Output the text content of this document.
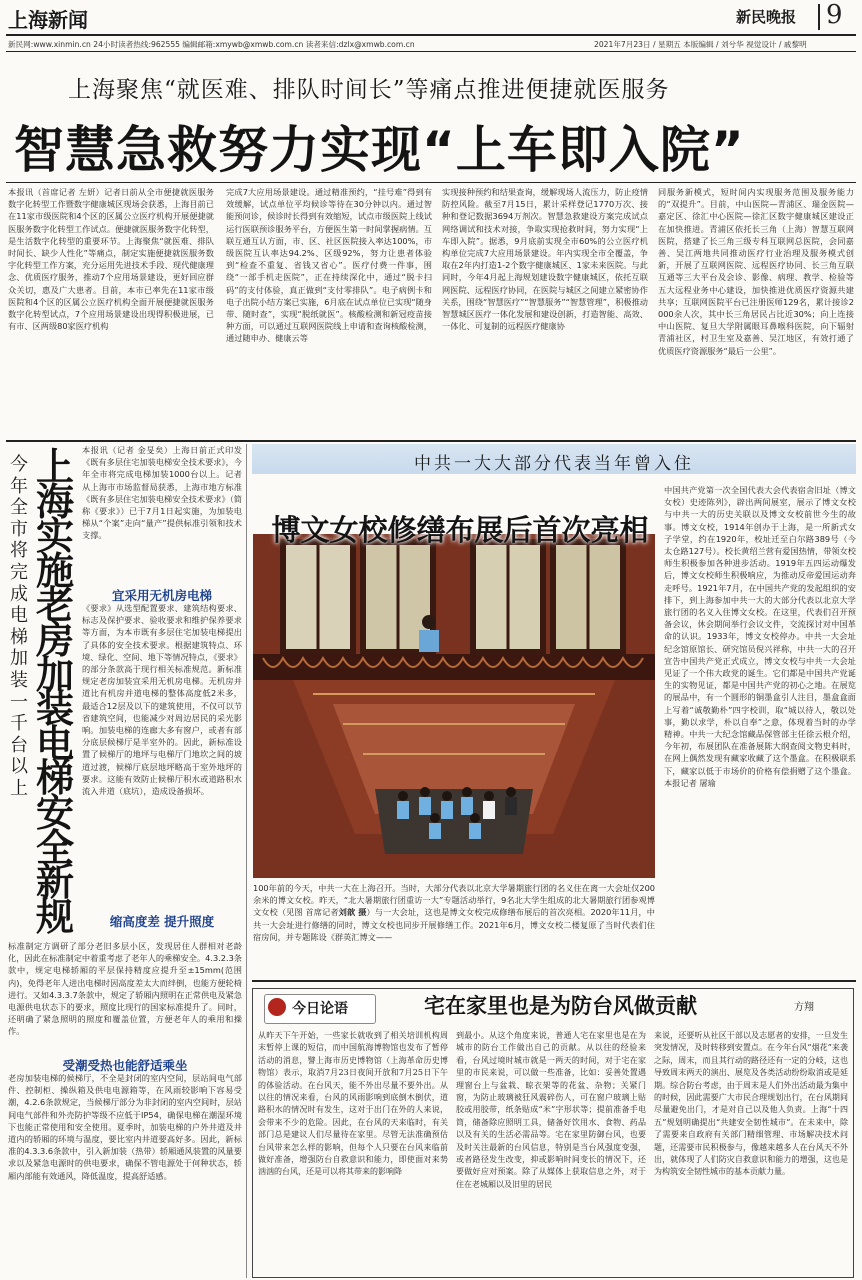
上海新闻	新民晚报 9
新民网:www.xinmin.cn 24小时读者热线:962555 编辑邮箱:xmywb@xmwb.com.cn 读者来信:dzlx@xmwb.com.cn	2021年7月23日 / 星期五 本版编辑 / 刘兮华 视觉设计 / 戚黎明
上海聚焦“就医难、排队时间长”等痛点推进便捷就医服务
智慧急救努力实现“上车即入院”
本报讯（首席记者 左妍）记者日前从全市便捷就医服务数字化转型工作暨数字健康城区现场会获悉，上海目前已在11家市级医院和4个区的区属公立医疗机构开展便捷就医服务数字化转型工作试点。便捷就医服务数字化转型，是生活数字化转型的重要环节。上海聚焦“就医难、排队时间长、缺少人性化”等痛点，制定实施便捷就医服务数字化转型工作方案，充分运用先进技术手段、现代健康理念、优质医疗服务，推动7个应用场景建设，更好回应群众关切，惠及广大患者。目前，本市已率先在11家市级医院和4个区的区属公立医疗机构全面开展便捷就医服务数字化转型试点，7个应用场景建设出现得积极进展，已有市、区两级80家医疗机构
完成7大应用场景建设。通过精准预约，“挂号难”得到有效缓解，试点单位平均候诊等待在30分钟以内。通过智能预问诊，候诊时长得到有效缩短，试点市级医院上线试运行医联预诊服务平台，方便医生第一时间掌握病情。互联互通互认方面，市、区、社区医院接入率达100%，市级医院互认率达94.2%、区级92%，努力让患者体验到“检查不重复、省钱又省心”。医疗付费一件事，围绕“一部手机走医院”，正在持续深化中，通过“脱卡扫码”的支付体验，真正做到“支付零排队”。电子病例卡和电子出院小结方案已实施，6月底在试点单位已实现“随身带、随时查”，实现“脱纸就医”。核酸检测和新冠疫苗接种方面，可以通过互联网医院线上申请和查询核酸检测，通过随申办、健康云等
实现接种预约和结果查询，缓解现场人流压力，防止疫情防控风险。截至7月15日，累计采样登记1770万次、接种和登记数据3694万剂次。智慧急救建设方案完成试点网络调试和技术对接，争取实现抢救时间，努力实现“上车即入院”。据悉，9月底前实现全市60%的公立医疗机构单位完成7大应用场景建设。年内实现全市全覆盖，争取在2年内打造1-2个数字健康城区、1家未来医院。与此同时，今年4月起上海规划建设数字健康城区，依托互联网医院、远程医疗协同，在医院与城区之间建立紧密协作关系，围绕“智慧医疗”“智慧服务”“智慧管理”，积极推动智慧城区医疗一体化发展和建设创新，打造智能、高效、一体化、可复制的远程医疗健康协
同服务新模式，短时间内实现服务范围及服务能力的“双提升”。目前，中山医院—青浦区、瑞金医院—嘉定区、徐汇中心医院—徐汇区数字健康城区建设正在加快推进。青浦区依托长三角（上海）智慧互联网医院，搭建了长三角三级专科互联网总医院，会同嘉善、吴江两地共同推动医疗行业治理及服务模式创新，开展了互联网医院、远程医疗协同、长三角互联互通等三大平台及会诊、影像、病理、教学、检验等五大远程业务中心建设，加快推进优质医疗资源共建共享；互联网医院平台已注册医师129名，累计接诊2000余人次，其中长三角居民占比近30%；向上连接中山医院、复旦大学附属眼耳鼻喉科医院，向下辐射青浦社区，村卫生室及嘉善、吴江地区，有效打通了优质医疗资源服务“最后一公里”。
今年全市将完成电梯加装一千台以上
上海实施老房加装电梯安全新规
本报讯（记者 金旻矣）上海日前正式印发《既有多层住宅加装电梯安全技术要求》，今年全市将完成电梯加装1000台以上。记者从上海市市场监督局获悉，上海市地方标准《既有多层住宅加装电梯安全技术要求》（简称《要求》）已于7月1日起实施，为加装电梯从“个案”走向“量产”提供标准引领和技术支撑。
宜采用无机房电梯
《要求》从选型配置要求、建筑结构要求、标志及保护要求、验收要求和维护保养要求等方面，为本市既有多层住宅加装电梯提出了具体的安全技术要求。根据建筑特点、环境、绿化、空间、地下等情况特点，《要求》的部分条款高于现行相关标准规范。新标准规定老房加装宜采用无机房电梯。无机房并道比有机房并道电梯的整体高度低2米多，最适合12层及以下的建筑使用，不仅可以节省建筑空间，也能减少对周边居民的采光影响。加装电梯的连廊大多有窗户，或者有部分底层候梯厅是半室外的。因此，新标准设置了候梯厅的地坪与电梯厅门地坎之间的坡道过渡，候梯厅底层地坪略高于室外地坪的要求。这能有效防止候梯厅积水或道路积水流入井道（底坑），造成设备损坏。
缩高度差 提升照度
标准制定方调研了部分老旧多层小区，发现居住人群相对老龄化，因此在标准制定中着重考虑了老年人的乘梯安全。4.3.2.3条款中，规定电梯轿厢的平层保持精度应提升至±15mm(范围内)，免得老年人进出电梯时因高度差太大而绊倒，也能方便轮椅进行。又如4.3.3.7条款中，规定了轿厢内照明在正常供电及紧急电源供电状态下的要求，照度比现行的国家标准提升了。同时，还明确了紧急照明的照度和覆盖位置，方便老年人的乘用和操作。
受潮受热也能舒适乘坐
老房加装电梯的候梯厅，不全是封闭的室内空间，层站间电气部件、控制柜、操纵箱及供电电源箱等，在风雨较影响下容易受潮，4.2.6条款规定，当候梯厅部分为非封闭的室内空间时，层站间电气部件和外壳防护等级不应低于IP54，确保电梯在潮湿环境下也能正常使用和安全使用。夏季时，加装电梯的户外井道及井道内的轿厢的环境与温度，要比室内井道要高好多。因此，新标准的4.3.3.6条款中，引入新加装（热带）轿厢通风装置的风量要求以及紧急电源时的供电要求，确保不管电源处于何种状态，轿厢内部能有效通风，降低温度，提高舒适感。
中共一大大部分代表当年曾入住
博文女校修缮布展后首次亮相
100年前的今天，中共一大在上海召开。当时，大部分代表以北京大学暑期旅行团的名义住在离一大会址仅200余米的博文女校。昨天，“北大暑期旅行团重访一大”专题活动举行，9名北大学生组成的北大暑期旅行团参观博文女校（见图 首席记者刘歆 摄）与一大会址，这也是博文女校完成修缮布展后的首次亮相。2020年11月，中共一大会址进行修缮的同时，博文女校也同步开展修缮工作。2021年6月，博文女校二楼复原了当时代表们住宿房间，并专题陈设《群英汇博文——
中国共产党第一次全国代表大会代表宿舍旧址（博文女校）史迹陈列》，辟出两间展室，展示了博文女校与中共一大的历史关联以及博文女校前世今生的故事。博文女校，1914年创办于上海，是一所新式女子学堂，约在1920年，校址迁至白尔路389号（今太仓路127号）。校长黄绍兰营有爱国热情，带领女校师生积极参加各种进步活动。1919年五四运动爆发后，博文女校师生积极响应，为推动反帝爱国运动奔走呼号。1921年7月，在中国共产党的发起组织的安排下，到上海参加中共一大的大部分代表以北京大学旅行团的名义入住博文女校。在这里，代表们召开预备会议，休会期间举行会议文件，交流探讨对中国革命的认识。1933年，博文女校停办。中共一大会址纪念馆原馆长、研究馆员倪兴祥称，中共一大的召开宣告中国共产党正式成立，博文女校与中共一大会址见证了一个伟大政党的诞生。它们都是中国共产党诞生的实物见证，都是中国共产党的初心之地。在展览的展品中，有一个圆形的铜墨盒引人注目，墨盒盒面上写着“诚敬勤朴”四字校训，取“城以待人，敬以处事，勤以求学，朴以自奉”之意，体现着当时的办学精神。中共一大纪念馆藏品保管部主任徐云根介绍，今年初，布展团队在准备展陈大纲查阅文物史料时，在网上偶然发现有藏家收藏了这个墨盒。在积极联系下，藏家以低于市场价的价格有偿捐赠了这个墨盒。本报记者 屠瑜
今日论语	宅在家里也是为防台风做贡献	方翔
从昨天下午开始，一些家长就收到了相关培训机构周末暂停上课的短信，而中国航海博物馆也发布了暂停活动的消息，譬上海市历史博物馆（上海革命历史博物馆）表示，取消7月23日夜间开放和7月25日下午的体验活动。在台风天，能不外出尽量不要外出。从以往的情况来看，台风的风雨影响到底倒木倒伏，道路积水的情况时有发生，这对于出门在外的人来说，会带来不少的危险。因此，在台风的天来临时，有关部门总是建议人们尽量待在家里。尽管无法准确预估台风带来怎么样的影响，但每个人只要在台风来临前做好准备，增强防台自救意识和能力，即使面对来势汹汹的台风，还是可以将其带来的影响降
到最小。从这个角度来说，普通人宅在家里也是在为城市的防台工作做出自己的贡献。从以往的经验来看，台风过境时城市就是一两天的时间，对于宅在家里的市民来说，可以做一些准备，比如：妥善处置遇理窗台上与盆栽、晾衣架等的花盆、杂物；关紧门窗，为防止玻璃被狂风震碎伤人，可在窗户玻璃上贴胶或用胶带，纸条贴成“米”字形状等；提前准备手电筒，储备除应照明工具，储备好饮用水、食物、药品以及有关的生活必需品等。宅在家里防御台风，也要及时关注最新的台风信息，特别是当台风强度变强，或者路径发生改变，抑或影响时间变长的情况下，还要做好应对预案。除了从媒体上获取信息之外，对于住在老城厢以及旧里的居民
来说，还要听从社区干部以及志愿者的安排，一旦发生突发情况，及时转移到安置点。在今年台风“烟花”来袭之际，周末，而且其行动的路径还有一定的分岐，这也导致周末两天的演出、展览及各类活动纷纷取消或是延期。综合防台考虑，由于周末是人们外出活动最为集中的时候，因此需要广大市民合理规划出行，在台风期间尽量避免出门，才是对自己以及他人负责。上海“十四五”规划明确提出“共建安全韧性城市”。在未来中，除了需要来自政府有关部门精细管理、市场解决技术问题，还需要市民积极参与，像越来越多人在台风天不外出，就体现了人们防灾自救意识和能力的增强，这也是为构筑安全韧性城市的基本贡献力量。
